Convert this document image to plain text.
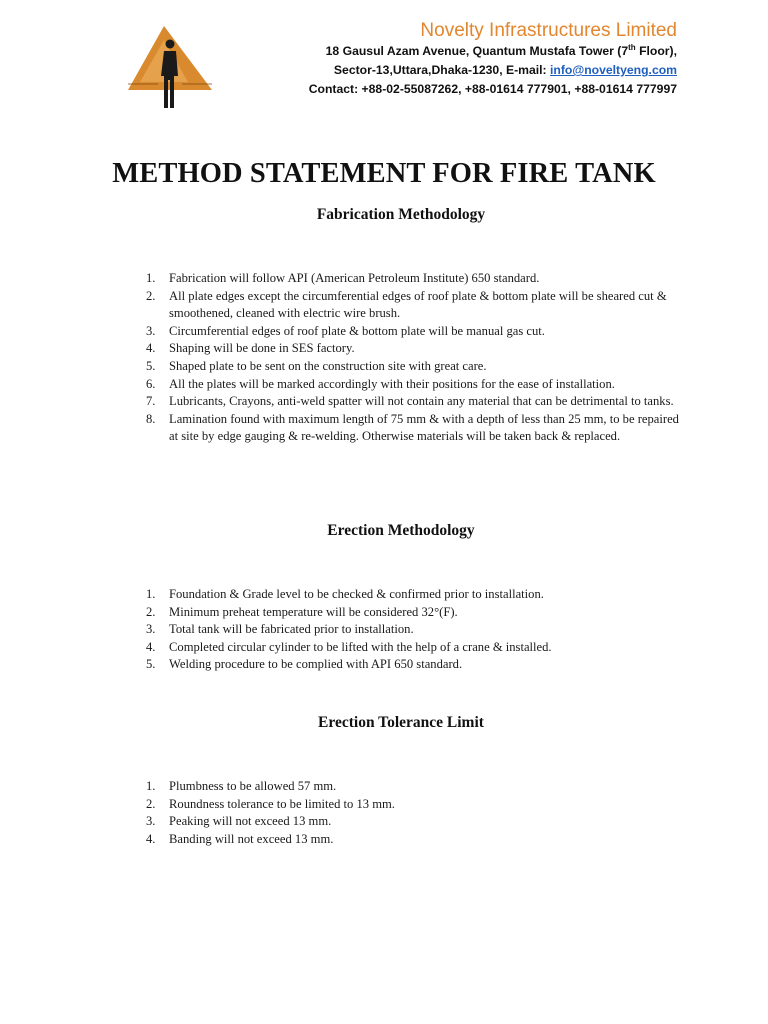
Novelty Infrastructures Limited
18 Gausul Azam Avenue, Quantum Mustafa Tower (7th Floor),
Sector-13,Uttara,Dhaka-1230, E-mail: info@noveltyeng.com
Contact: +88-02-55087262, +88-01614 777901, +88-01614 777997
METHOD STATEMENT FOR FIRE TANK
Fabrication Methodology
1. Fabrication will follow API (American Petroleum Institute) 650 standard.
2. All plate edges except the circumferential edges of roof plate & bottom plate will be sheared cut & smoothened, cleaned with electric wire brush.
3. Circumferential edges of roof plate & bottom plate will be manual gas cut.
4. Shaping will be done in SES factory.
5. Shaped plate to be sent on the construction site with great care.
6. All the plates will be marked accordingly with their positions for the ease of installation.
7. Lubricants, Crayons, anti-weld spatter will not contain any material that can be detrimental to tanks.
8. Lamination found with maximum length of 75 mm & with a depth of less than 25 mm, to be repaired at site by edge gauging & re-welding. Otherwise materials will be taken back & replaced.
Erection Methodology
1. Foundation & Grade level to be checked & confirmed prior to installation.
2. Minimum preheat temperature will be considered 32°(F).
3. Total tank will be fabricated prior to installation.
4. Completed circular cylinder to be lifted with the help of a crane & installed.
5. Welding procedure to be complied with API 650 standard.
Erection Tolerance Limit
1. Plumbness to be allowed 57 mm.
2. Roundness tolerance to be limited to 13 mm.
3. Peaking will not exceed 13 mm.
4. Banding will not exceed 13 mm.
